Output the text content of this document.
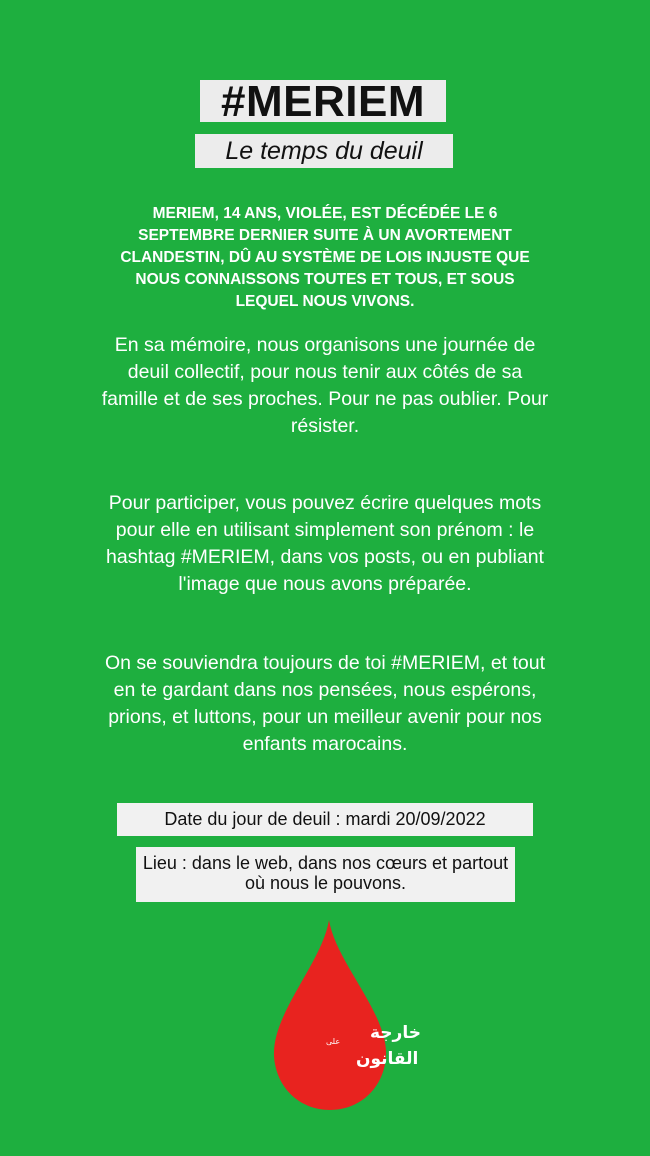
#MERIEM
Le temps du deuil
MERIEM, 14 ANS, VIOLÉE, EST DÉCÉDÉE LE 6 SEPTEMBRE DERNIER SUITE À UN AVORTEMENT CLANDESTIN, DÛ AU SYSTÈME DE LOIS INJUSTE QUE NOUS CONNAISSONS TOUTES ET TOUS, ET SOUS LEQUEL NOUS VIVONS.
En sa mémoire, nous organisons une journée de deuil collectif, pour nous tenir aux côtés de sa famille et de ses proches. Pour ne pas oublier. Pour résister.
Pour participer, vous pouvez écrire quelques mots pour elle en utilisant simplement son prénom : le hashtag #MERIEM, dans vos posts, ou en publiant l'image que nous avons préparée.
On se souviendra toujours de toi #MERIEM, et tout en te gardant dans nos pensées, nous espérons, prions, et luttons, pour un meilleur avenir pour nos enfants marocains.
Date du jour de deuil : mardi 20/09/2022
Lieu : dans le web, dans nos cœurs et partout où nous le pouvons.
خارجة
على
القانون
